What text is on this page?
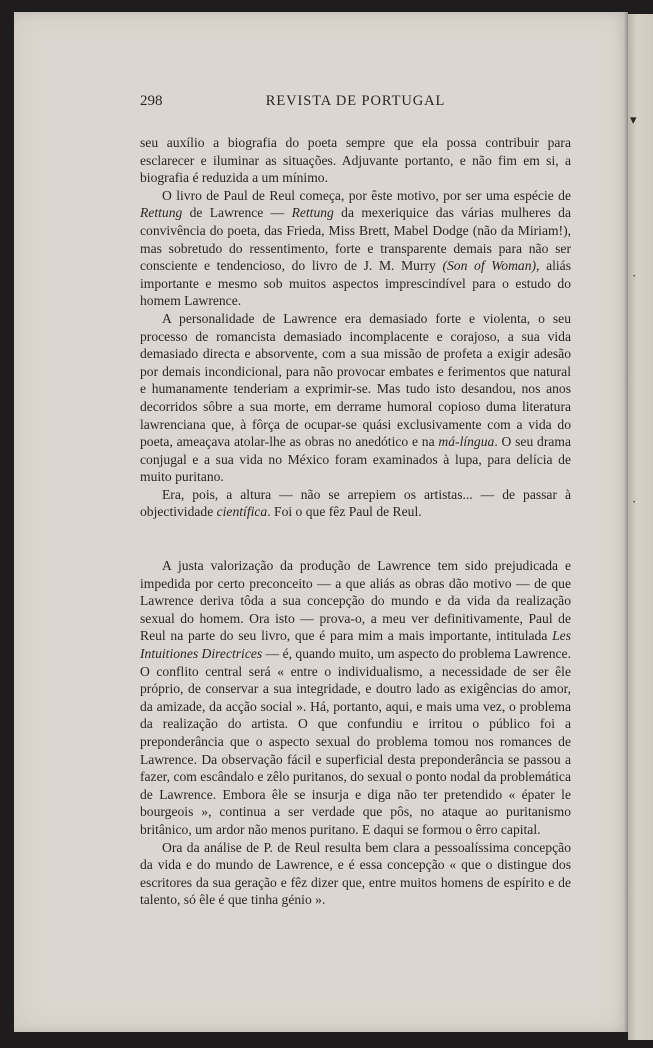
298	REVISTA DE PORTUGAL

seu auxílio a biografia do poeta sempre que ela possa contribuir para esclarecer e iluminar as situações. Adjuvante portanto, e não fim em si, a biografia é reduzida a um mínimo.

O livro de Paul de Reul começa, por êste motivo, por ser uma espécie de Rettung de Lawrence — Rettung da mexeriquice das várias mulheres da convivência do poeta, das Frieda, Miss Brett, Mabel Dodge (não da Miriam!), mas sobretudo do ressentimento, forte e transparente demais para não ser consciente e tendencioso, do livro de J. M. Murry (Son of Woman), aliás importante e mesmo sob muitos aspectos imprescindível para o estudo do homem Lawrence.

A personalidade de Lawrence era demasiado forte e violenta, o seu processo de romancista demasiado incomplacente e corajoso, a sua vida demasiado directa e absorvente, com a sua missão de profeta a exigir adesão por demais incondicional, para não provocar embates e ferimentos que natural e humanamente tenderiam a exprimir-se. Mas tudo isto desandou, nos anos decorridos sôbre a sua morte, em derrame humoral copioso duma literatura lawrenciana que, à fôrça de ocupar-se quási exclusivamente com a vida do poeta, ameaçava atolar-lhe as obras no anedótico e na má-língua. O seu drama conjugal e a sua vida no México foram examinados à lupa, para delícia de muito puritano.

Era, pois, a altura — não se arrepiem os artistas... — de passar à objectividade científica. Foi o que fêz Paul de Reul.

A justa valorização da produção de Lawrence tem sido prejudicada e impedida por certo preconceito — a que aliás as obras dão motivo — de que Lawrence deriva tôda a sua concepção do mundo e da vida da realização sexual do homem. Ora isto — prova-o, a meu ver definitivamente, Paul de Reul na parte do seu livro, que é para mim a mais importante, intitulada Les Intuitiones Directrices — é, quando muito, um aspecto do problema Lawrence. O conflito central será « entre o individualismo, a necessidade de ser êle próprio, de conservar a sua integridade, e doutro lado as exigências do amor, da amizade, da acção social ». Há, portanto, aqui, e mais uma vez, o problema da realização do artista. O que confundiu e irritou o público foi a preponderância que o aspecto sexual do problema tomou nos romances de Lawrence. Da observação fácil e superficial desta preponderância se passou a fazer, com escândalo e zêlo puritanos, do sexual o ponto nodal da problemática de Lawrence. Embora êle se insurja e diga não ter pretendido « épater le bourgeois », continua a ser verdade que pôs, no ataque ao puritanismo britânico, um ardor não menos puritano. E daqui se formou o êrro capital.

Ora da análise de P. de Reul resulta bem clara a pessoalíssima concepção da vida e do mundo de Lawrence, e é essa concepção « que o distingue dos escritores da sua geração e fêz dizer que, entre muitos homens de espírito e de talento, só êle é que tinha génio ».

▾
·
·
